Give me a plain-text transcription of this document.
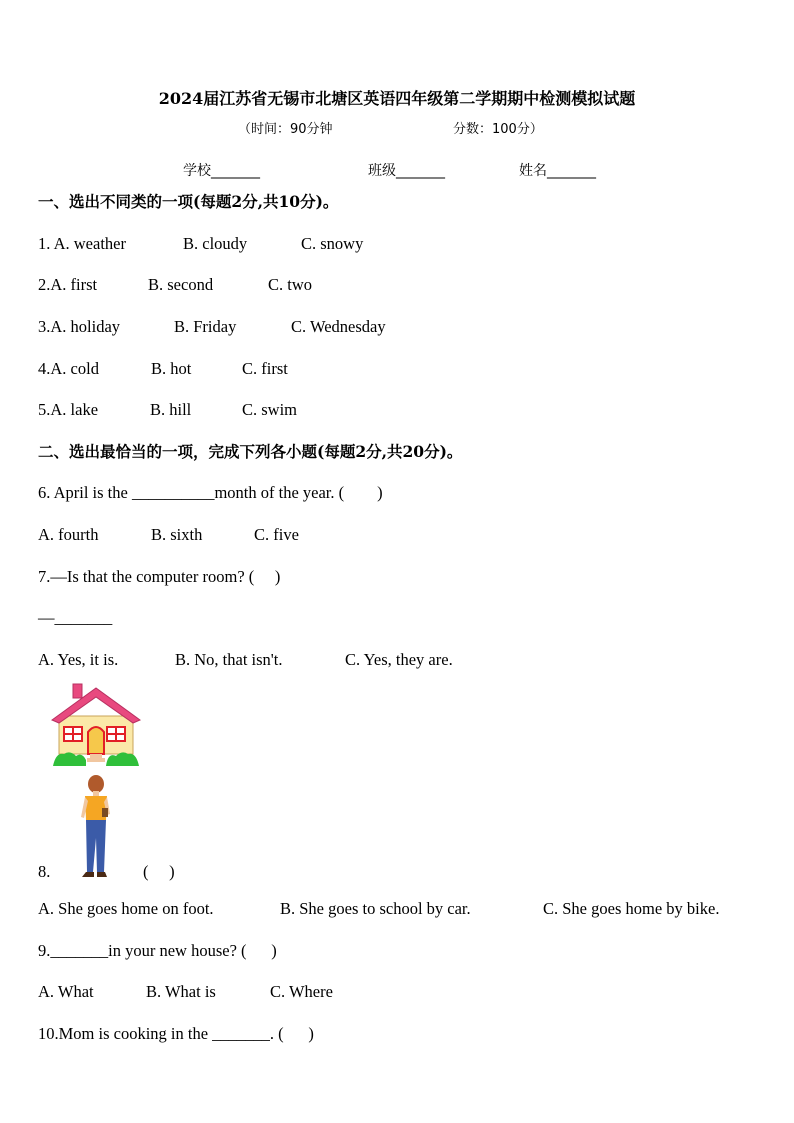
2024届江苏省无锡市北塘区英语四年级第二学期期中检测模拟试题
（时间：90分钟	分数：100分）
学校_______	班级_______	姓名_______
一、选出不同类的一项(每题2分,共10分)。

1. A. weather

	B. cloudy

	C. snowy

2.A. first

	B. second

	C. two

3.A. holiday

	B. Friday

	C. Wednesday

4.A. cold

	B. hot

	C. first

5.A. lake

	B. hill

	C. swim

二、选出最恰当的一项，完成下列各小题(每题2分,共20分)。
6. April is the __________month of the year. (        )

A. fourth

	B. sixth

	C. five

7.—Is that the computer room? (     )
—_______

A. Yes, it is.

	B. No, that isn't.

	C. Yes, they are.

8.	(     )

A. She goes home on foot.

	B. She goes to school by car.

	C. She goes home by bike.

9._______in your new house? (      )

A. What

	B. What is

	C. Where

10.Mom is cooking in the _______. (      )
